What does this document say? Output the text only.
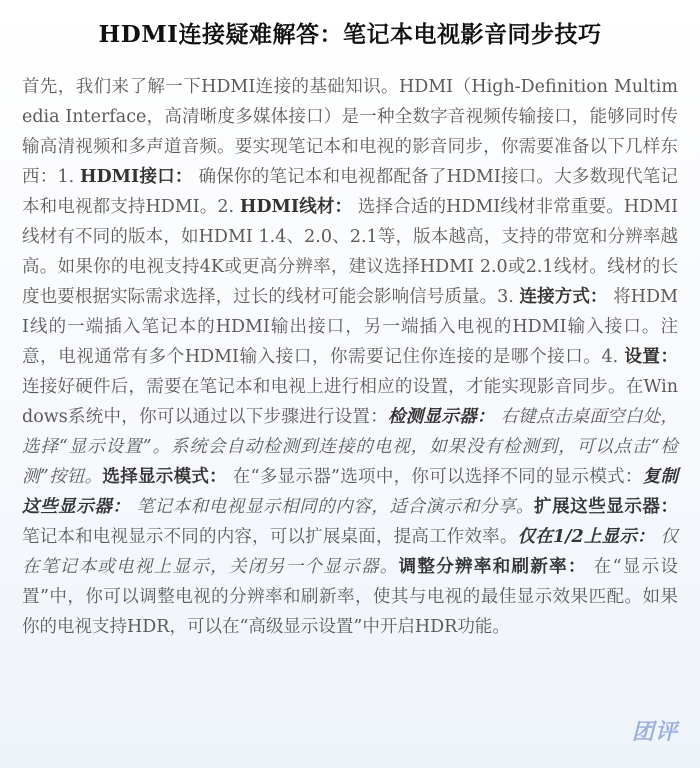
HDMI连接疑难解答：笔记本电视影音同步技巧
首先，我们来了解一下HDMI连接的基础知识。HDMI（High-Definition Multimedia Interface，高清晰度多媒体接口）是一种全数字音视频传输接口，能够同时传输高清视频和多声道音频。要实现笔记本和电视的影音同步，你需要准备以下几样东西：1. HDMI接口： 确保你的笔记本和电视都配备了HDMI接口。大多数现代笔记本和电视都支持HDMI。2. HDMI线材： 选择合适的HDMI线材非常重要。HDMI线材有不同的版本，如HDMI 1.4、2.0、2.1等，版本越高，支持的带宽和分辨率越高。如果你的电视支持4K或更高分辨率，建议选择HDMI 2.0或2.1线材。线材的长度也要根据实际需求选择，过长的线材可能会影响信号质量。3. 连接方式： 将HDMI线的一端插入笔记本的HDMI输出接口，另一端插入电视的HDMI输入接口。注意，电视通常有多个HDMI输入接口，你需要记住你连接的是哪个接口。4. 设置： 连接好硬件后，需要在笔记本和电视上进行相应的设置，才能实现影音同步。在Windows系统中，你可以通过以下步骤进行设置：检测显示器： 右键点击桌面空白处，选择“显示设置”。系统会自动检测到连接的电视，如果没有检测到，可以点击“检测”按钮。选择显示模式： 在“多显示器”选项中，你可以选择不同的显示模式：复制这些显示器： 笔记本和电视显示相同的内容，适合演示和分享。扩展这些显示器： 笔记本和电视显示不同的内容，可以扩展桌面，提高工作效率。仅在1/2上显示： 仅在笔记本或电视上显示，关闭另一个显示器。调整分辨率和刷新率： 在“显示设置”中，你可以调整电视的分辨率和刷新率，使其与电视的最佳显示效果匹配。如果你的电视支持HDR，可以在“高级显示设置”中开启HDR功能。
团评
